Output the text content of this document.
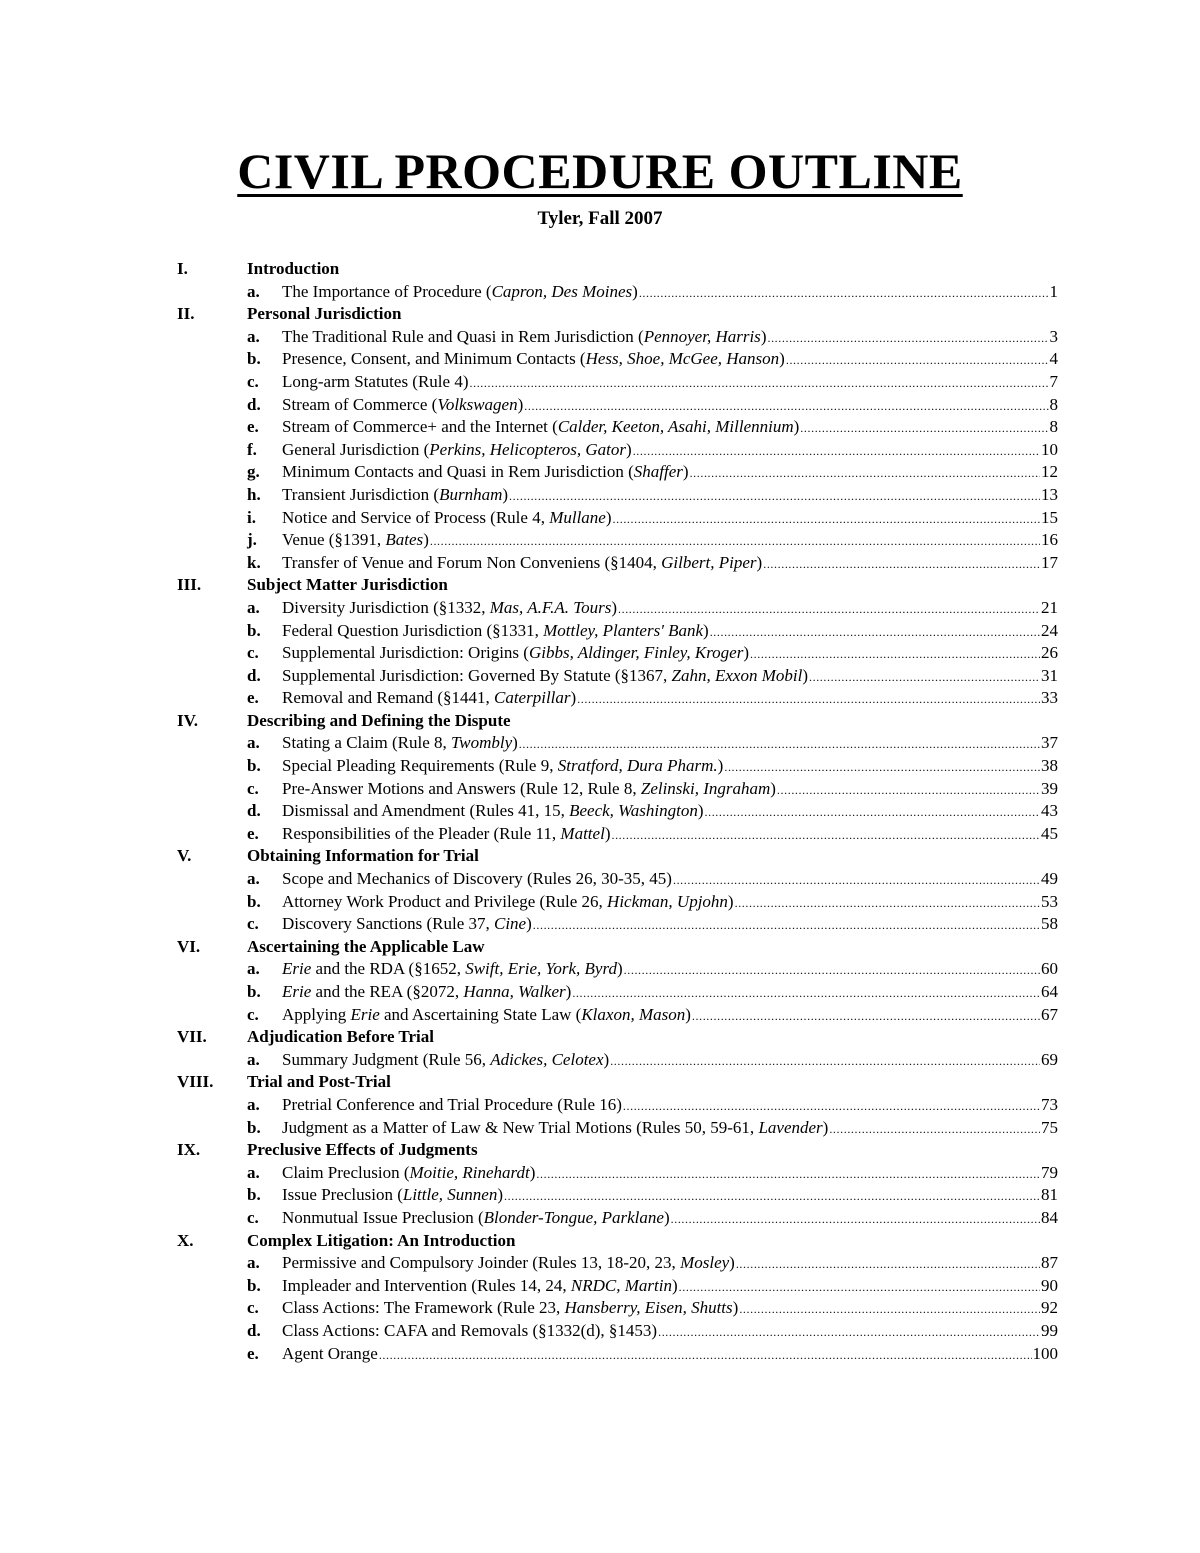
CIVIL PROCEDURE OUTLINE
Tyler, Fall 2007
I.	Introduction
a. The Importance of Procedure (Capron, Des Moines) .....	1
II.	Personal Jurisdiction
a. The Traditional Rule and Quasi in Rem Jurisdiction (Pennoyer, Harris) .....	3
b. Presence, Consent, and Minimum Contacts (Hess, Shoe, McGee, Hanson) .....	4
c. Long-arm Statutes (Rule 4) .....	7
d. Stream of Commerce (Volkswagen) .....	8
e. Stream of Commerce+ and the Internet (Calder, Keeton, Asahi, Millennium) .....	8
f. General Jurisdiction (Perkins, Helicopteros, Gator) .....	10
g. Minimum Contacts and Quasi in Rem Jurisdiction (Shaffer) .....	12
h. Transient Jurisdiction (Burnham) .....	13
i. Notice and Service of Process (Rule 4, Mullane) .....	15
j. Venue (§1391, Bates) .....	16
k. Transfer of Venue and Forum Non Conveniens (§1404, Gilbert, Piper) .....	17
III.	Subject Matter Jurisdiction
a. Diversity Jurisdiction (§1332, Mas, A.F.A. Tours) .....	21
b. Federal Question Jurisdiction (§1331, Mottley, Planters' Bank) .....	24
c. Supplemental Jurisdiction: Origins (Gibbs, Aldinger, Finley, Kroger) .....	26
d. Supplemental Jurisdiction: Governed By Statute (§1367, Zahn, Exxon Mobil) .....	31
e. Removal and Remand (§1441, Caterpillar) .....	33
IV.	Describing and Defining the Dispute
a. Stating a Claim (Rule 8, Twombly) .....	37
b. Special Pleading Requirements (Rule 9, Stratford, Dura Pharm.) .....	38
c. Pre-Answer Motions and Answers (Rule 12, Rule 8, Zelinski, Ingraham) .....	39
d. Dismissal and Amendment (Rules 41, 15, Beeck, Washington) .....	43
e. Responsibilities of the Pleader (Rule 11, Mattel) .....	45
V.	Obtaining Information for Trial
a. Scope and Mechanics of Discovery (Rules 26, 30-35, 45) .....	49
b. Attorney Work Product and Privilege (Rule 26, Hickman, Upjohn) .....	53
c. Discovery Sanctions (Rule 37, Cine) .....	58
VI.	Ascertaining the Applicable Law
a. Erie and the RDA (§1652, Swift, Erie, York, Byrd) .....	60
b. Erie and the REA (§2072, Hanna, Walker) .....	64
c. Applying Erie and Ascertaining State Law (Klaxon, Mason) .....	67
VII. Adjudication Before Trial
a. Summary Judgment (Rule 56, Adickes, Celotex) .....	69
VIII. Trial and Post-Trial
a. Pretrial Conference and Trial Procedure (Rule 16) .....	73
b. Judgment as a Matter of Law & New Trial Motions (Rules 50, 59-61, Lavender) .....	75
IX.	Preclusive Effects of Judgments
a. Claim Preclusion (Moitie, Rinehardt) .....	79
b. Issue Preclusion (Little, Sunnen) .....	81
c. Nonmutual Issue Preclusion (Blonder-Tongue, Parklane) .....	84
X.	Complex Litigation: An Introduction
a. Permissive and Compulsory Joinder (Rules 13, 18-20, 23, Mosley) .....	87
b. Impleader and Intervention (Rules 14, 24, NRDC, Martin) .....	90
c. Class Actions: The Framework (Rule 23, Hansberry, Eisen, Shutts) .....	92
d. Class Actions: CAFA and Removals (§1332(d), §1453) .....	99
e. Agent Orange .....	100
